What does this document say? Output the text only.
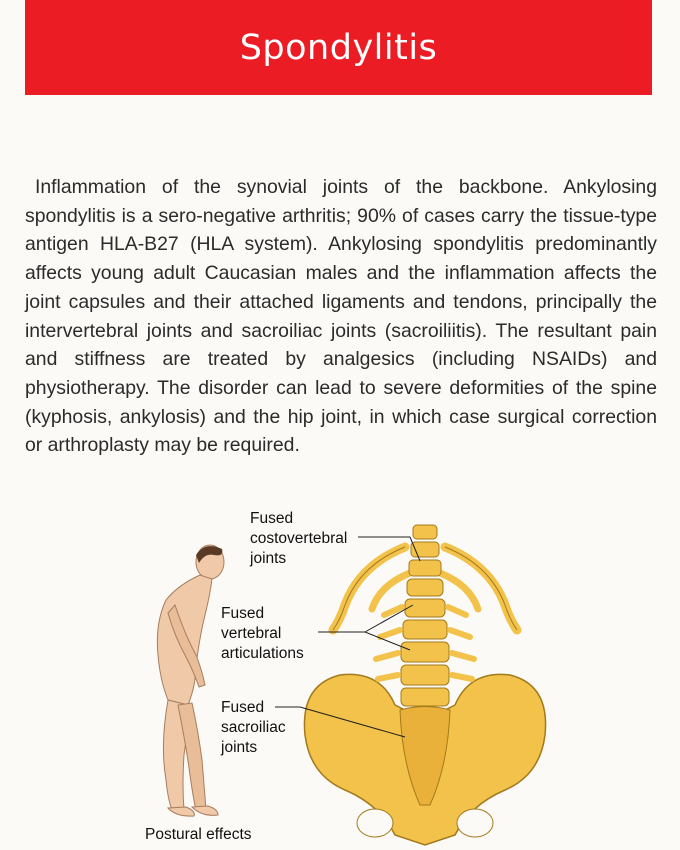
Spondylitis

Inflammation of the synovial joints of the backbone. Ankylosing spondylitis is a sero-negative arthritis; 90% of cases carry the tissue-type antigen HLA-B27 (HLA system). Ankylosing spondylitis predominantly affects young adult Caucasian males and the inflammation affects the joint capsules and their attached ligaments and tendons, principally the intervertebral joints and sacroiliac joints (sacroiliitis). The resultant pain and stiffness are treated by analgesics (including NSAIDs) and physiotherapy. The disorder can lead to severe deformities of the spine (kyphosis, ankylosis) and the hip joint, in which case surgical correction or arthroplasty may be required.

Fused
costovertebral
joints

Fused
vertebral
articulations

Fused
sacroiliac
joints

Postural effects
